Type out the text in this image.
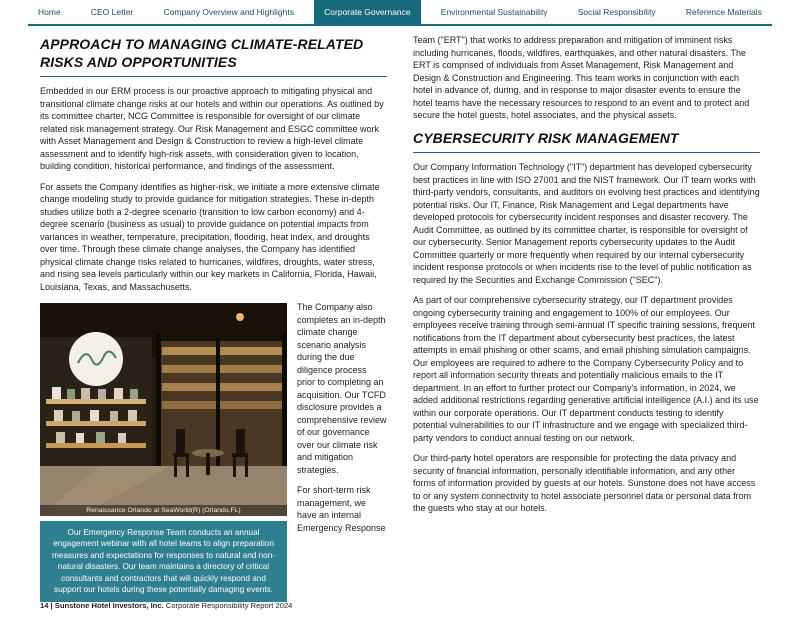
Home	CEO Letter	Company Overview and Highlights	Corporate Governance	Environmental Sustainability	Social Responsibility	Reference Materials
APPROACH TO MANAGING CLIMATE-RELATED RISKS AND OPPORTUNITIES

Embedded in our ERM process is our proactive approach to mitigating physical and transitional climate change risks at our hotels and within our operations. As outlined by its committee charter, NCG Committee is responsible for oversight of our climate related risk management strategy. Our Risk Management and ESGC committee work with Asset Management and Design & Construction to review a high-level climate assessment and to identify high-risk assets, with consideration given to location, building condition, historical performance, and findings of the assessment.

For assets the Company identifies as higher-risk, we initiate a more extensive climate change modeling study to provide guidance for mitigation strategies. These in-depth studies utilize both a 2-degree scenario (transition to low carbon economy) and 4-degree scenario (business as usual) to provide guidance on potential impacts from variances in weather, temperature, precipitation, flooding, heat index, and droughts over time. Through these climate change analyses, the Company has identified physical climate change risks related to hurricanes, wildfires, droughts, water stress, and rising sea levels particularly within our key markets in California, Florida, Hawaii, Louisiana, Texas, and Massachusetts.

Renaissance Orlando at SeaWorld(R) (Orlando,FL)
Our Emergency Response Team conducts an annual engagement webinar with all hotel teams to align preparation measures and expectations for responses to natural and non-natural disasters. Our team maintains a directory of critical consultants and contractors that will quickly respond and support our hotels during these potentially damaging events.

The Company also completes an in-depth climate change scenario analysis during the due diligence process prior to completing an acquisition. Our TCFD disclosure provides a comprehensive review of our governance over our climate risk and mitigation strategies.

For short-term risk management, we have an internal Emergency Response

Team ("ERT") that works to address preparation and mitigation of imminent risks including hurricanes, floods, wildfires, earthquakes, and other natural disasters. The ERT is comprised of individuals from Asset Management, Risk Management and Design & Construction and Engineering. This team works in conjunction with each hotel in advance of, during, and in response to major disaster events to ensure the hotel teams have the necessary resources to respond to an event and to protect and secure the hotel guests, hotel associates, and the physical assets.

CYBERSECURITY RISK MANAGEMENT

Our Company Information Technology ("IT") department has developed cybersecurity best practices in line with ISO 27001 and the NIST framework. Our IT team works with third-party vendors, consultants, and auditors on evolving best practices and identifying potential risks. Our IT, Finance, Risk Management and Legal departments have developed protocols for cybersecurity incident responses and disaster recovery. The Audit Committee, as outlined by its committee charter, is responsible for oversight of our cybersecurity. Senior Management reports cybersecurity updates to the Audit Committee quarterly or more frequently when required by our internal cybersecurity incident response protocols or when incidents rise to the level of public notification as required by the Securities and Exchange Commission ("SEC").

As part of our comprehensive cybersecurity strategy, our IT department provides ongoing cybersecurity training and engagement to 100% of our employees. Our employees receive training through semi-annual IT specific training sessions, frequent notifications from the IT department about cybersecurity best practices, the latest attempts in email phishing or other scams, and email phishing simulation campaigns. Our employees are required to adhere to the Company Cybersecurity Policy and to report all information security threats and potentially malicious emails to the IT department. In an effort to further protect our Company's information, in 2024, we added additional restrictions regarding generative artificial intelligence (A.I.) and its use within our corporate operations. Our IT department conducts testing to identify potential vulnerabilities to our IT infrastructure and we engage with specialized third-party vendors to conduct annual testing on our network.

Our third-party hotel operators are responsible for protecting the data privacy and security of financial information, personally identifiable information, and any other forms of information provided by guests at our hotels. Sunstone does not have access to or any system connectivity to hotel associate personnel data or personal data from the guests who stay at our hotels.

14 | Sunstone Hotel Investors, Inc. Corporate Responsibility Report 2024
